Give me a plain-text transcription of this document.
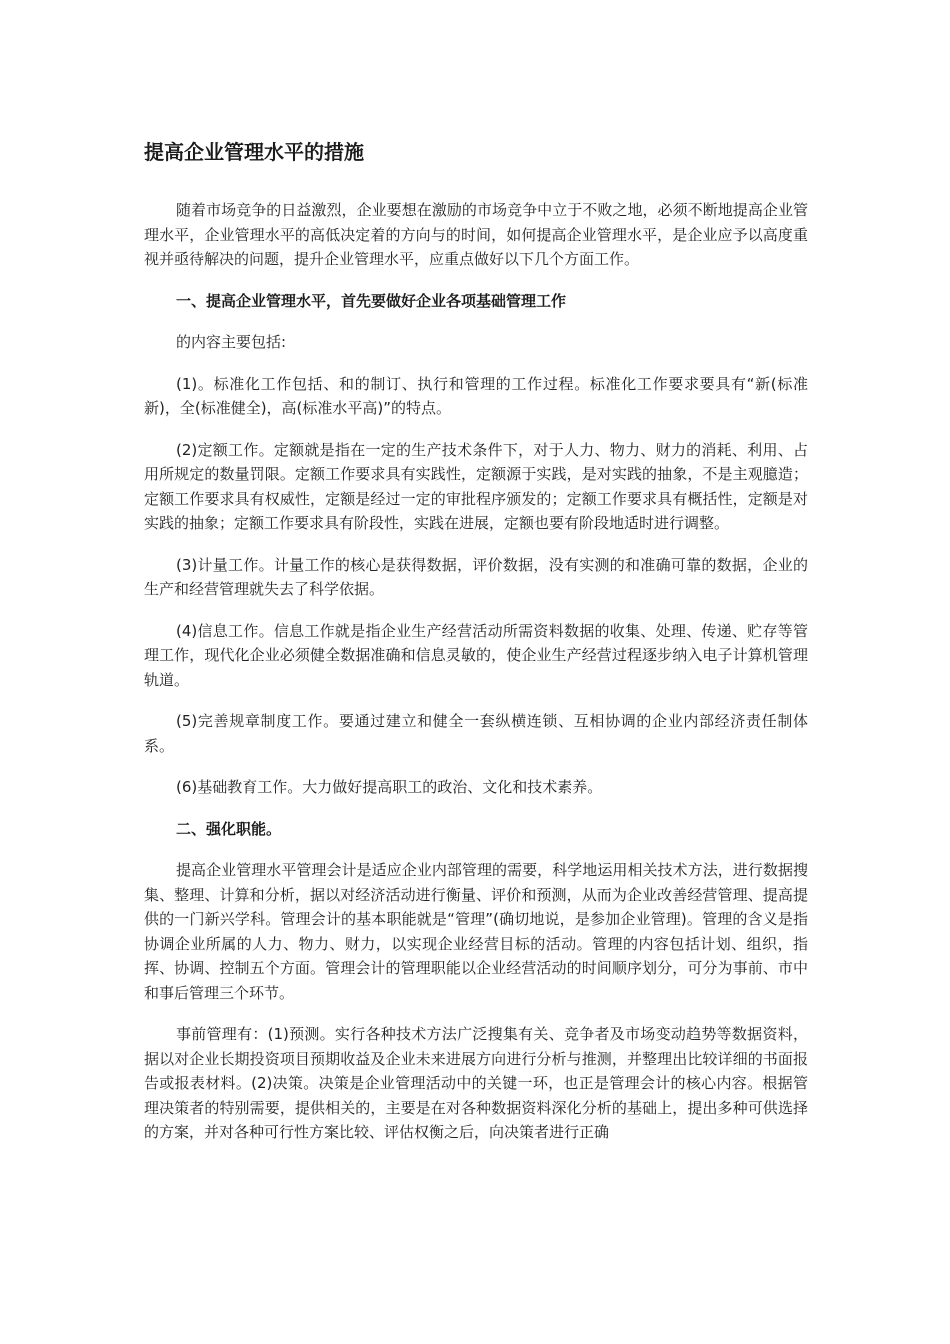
提高企业管理水平的措施

随着市场竞争的日益激烈，企业要想在激励的市场竞争中立于不败之地，必须不断地提高企业管理水平，企业管理水平的高低决定着的方向与的时间，如何提高企业管理水平，是企业应予以高度重视并亟待解决的问题，提升企业管理水平，应重点做好以下几个方面工作。

一、提高企业管理水平，首先要做好企业各项基础管理工作

的内容主要包括:

(1)。标准化工作包括、和的制订、执行和管理的工作过程。标准化工作要求要具有“新(标准新)，全(标准健全)，高(标准水平高)”的特点。

(2)定额工作。定额就是指在一定的生产技术条件下，对于人力、物力、财力的消耗、利用、占用所规定的数量罚限。定额工作要求具有实践性，定额源于实践，是对实践的抽象，不是主观臆造；定额工作要求具有权威性，定额是经过一定的审批程序颁发的；定额工作要求具有概括性，定额是对实践的抽象；定额工作要求具有阶段性，实践在进展，定额也要有阶段地适时进行调整。

(3)计量工作。计量工作的核心是获得数据，评价数据，没有实测的和准确可靠的数据，企业的生产和经营管理就失去了科学依据。

(4)信息工作。信息工作就是指企业生产经营活动所需资料数据的收集、处理、传递、贮存等管理工作，现代化企业必须健全数据准确和信息灵敏的，使企业生产经营过程逐步纳入电子计算机管理轨道。

(5)完善规章制度工作。要通过建立和健全一套纵横连锁、互相协调的企业内部经济责任制体系。

(6)基础教育工作。大力做好提高职工的政治、文化和技术素养。

二、强化职能。

提高企业管理水平管理会计是适应企业内部管理的需要，科学地运用相关技术方法，进行数据搜集、整理、计算和分析，据以对经济活动进行衡量、评价和预测，从而为企业改善经营管理、提高提供的一门新兴学科。管理会计的基本职能就是“管理”(确切地说，是参加企业管理)。管理的含义是指协调企业所属的人力、物力、财力，以实现企业经营目标的活动。管理的内容包括计划、组织，指挥、协调、控制五个方面。管理会计的管理职能以企业经营活动的时间顺序划分，可分为事前、市中和事后管理三个环节。

事前管理有：(1)预测。实行各种技术方法广泛搜集有关、竞争者及市场变动趋势等数据资料，据以对企业长期投资项目预期收益及企业未来进展方向进行分析与推测，并整理出比较详细的书面报告或报表材料。(2)决策。决策是企业管理活动中的关键一环，也正是管理会计的核心内容。根据管理决策者的特别需要，提供相关的，主要是在对各种数据资料深化分析的基础上，提出多种可供选择的方案，并对各种可行性方案比较、评估权衡之后，向决策者进行正确
